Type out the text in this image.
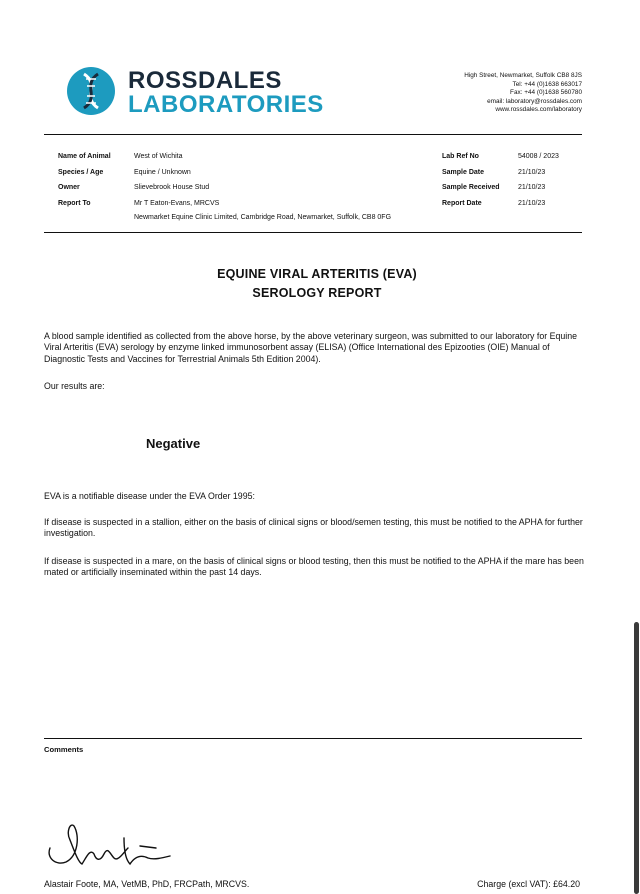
ROSSDALES
LABORATORIES
High Street, Newmarket, Suffolk CB8 8JS
Tel: +44 (0)1638 663017
Fax: +44 (0)1638 560780
email: laboratory@rossdales.com
www.rossdales.com/laboratory
Name of Animal	West of Wichita
Species / Age	Equine / Unknown
Owner	Slievebrook House Stud
Report To	Mr T Eaton-Evans, MRCVS
Newmarket Equine Clinic Limited, Cambridge Road, Newmarket, Suffolk, CB8 0FG
Lab Ref No	54008 / 2023
Sample Date	21/10/23
Sample Received	21/10/23
Report Date	21/10/23
EQUINE VIRAL ARTERITIS (EVA)
SEROLOGY REPORT
A blood sample identified as collected from the above horse, by the above veterinary surgeon, was submitted to our laboratory for Equine Viral Arteritis (EVA) serology by enzyme linked immunosorbent assay (ELISA) (Office International des Epizooties (OIE) Manual of Diagnostic Tests and Vaccines for Terrestrial Animals 5th Edition 2004).
Our results are:
Negative
EVA is a notifiable disease under the EVA Order 1995:
If disease is suspected in a stallion, either on the basis of clinical signs or blood/semen testing, this must be notified to the APHA for further investigation.
If disease is suspected in a mare, on the basis of clinical signs or blood testing, then this must be notified to the APHA if the mare has been mated or artificially inseminated within the past 14 days.
Comments
Alastair Foote, MA, VetMB, PhD, FRCPath, MRCVS.	Charge (excl VAT): £64.20
